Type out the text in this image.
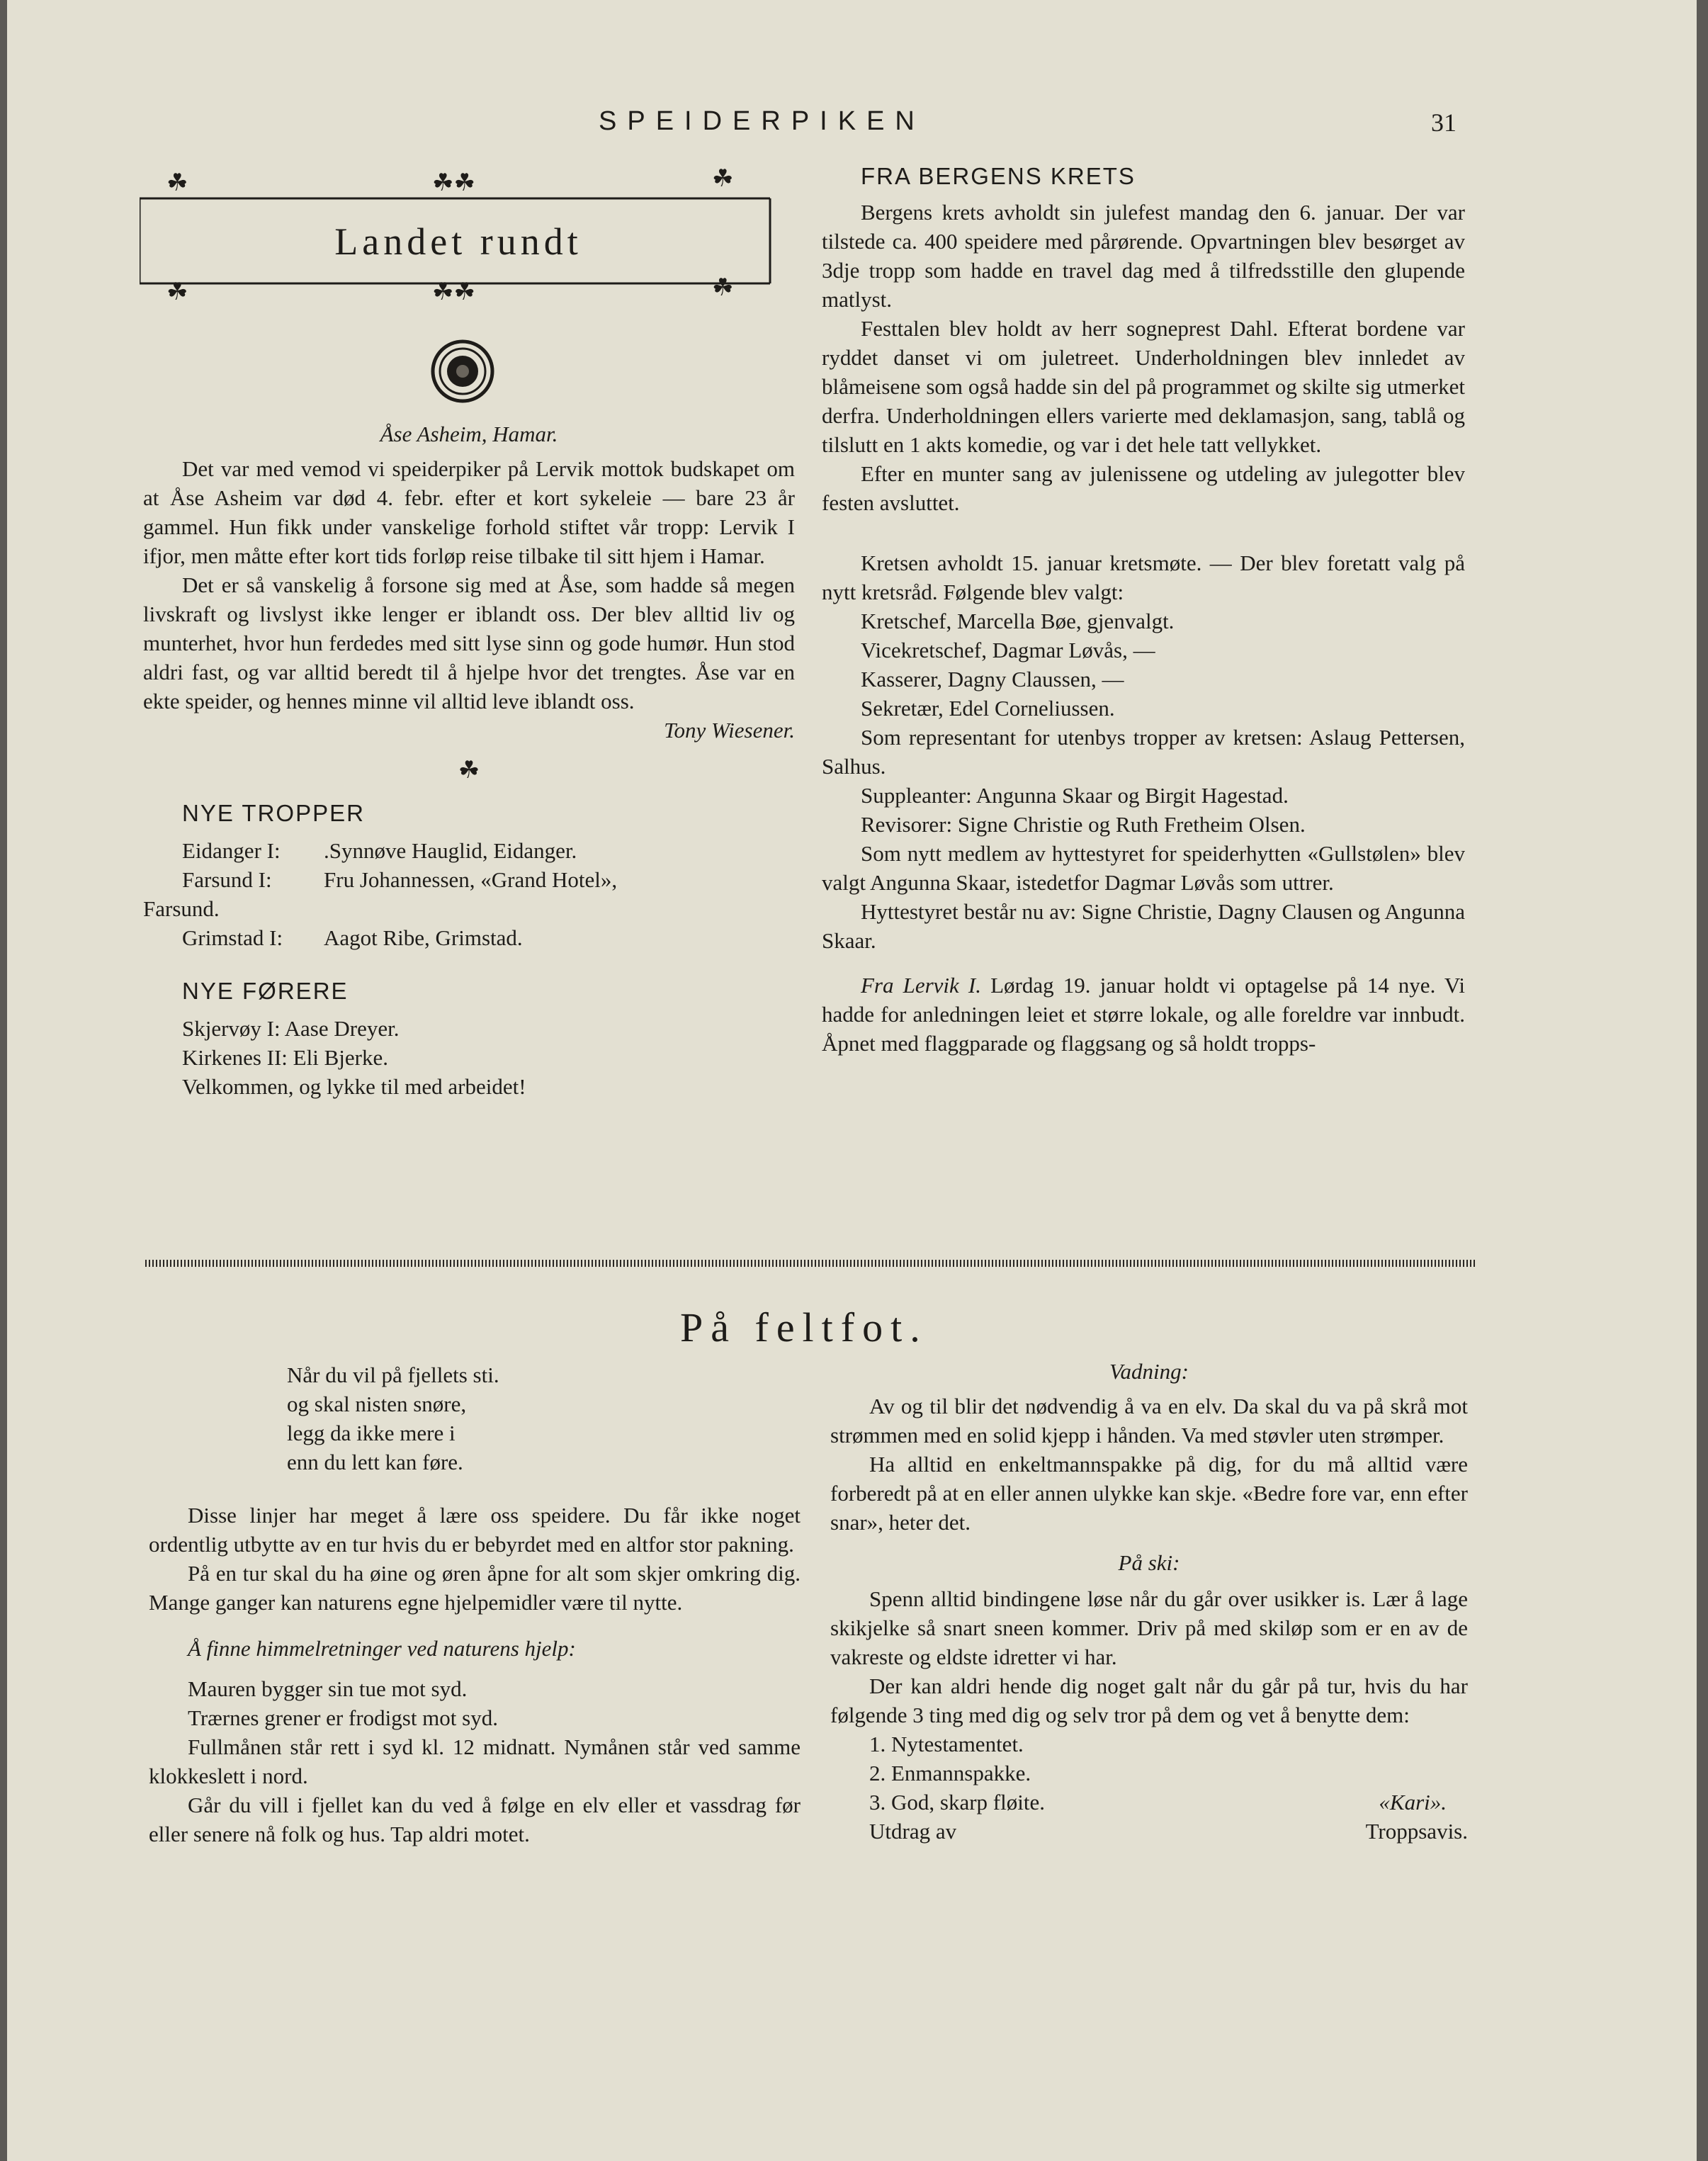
SPEIDERPIKEN	31
☘	☘☘	☘
☘	☘☘	☘
Landet rundt

Åse Asheim, Hamar.

Det var med vemod vi speiderpiker på Lervik mottok budskapet om at Åse Asheim var død 4. febr. efter et kort sykeleie — bare 23 år gammel. Hun fikk under vanskelige forhold stiftet vår tropp: Lervik I ifjor, men måtte efter kort tids forløp reise tilbake til sitt hjem i Hamar.

Det er så vanskelig å forsone sig med at Åse, som hadde så megen livskraft og livslyst ikke lenger er iblandt oss. Der blev alltid liv og munterhet, hvor hun ferdedes med sitt lyse sinn og gode humør. Hun stod aldri fast, og var alltid beredt til å hjelpe hvor det trengtes. Åse var en ekte speider, og hennes minne vil alltid leve iblandt oss.

Tony Wiesener.

☘

NYE TROPPER

Eidanger I:	.Synnøve Hauglid, Eidanger.
Farsund I:	Fru Johannessen, «Grand Hotel»,

Farsund.

Grimstad I:	Aagot Ribe, Grimstad.

NYE FØRERE

Skjervøy I: Aase Dreyer.

Kirkenes II: Eli Bjerke.

Velkommen, og lykke til med arbeidet!

FRA BERGENS KRETS

Bergens krets avholdt sin julefest mandag den 6. januar. Der var tilstede ca. 400 speidere med pårørende. Opvartningen blev besørget av 3dje tropp som hadde en travel dag med å tilfredsstille den glupende matlyst.

Festtalen blev holdt av herr sogneprest Dahl. Efterat bordene var ryddet danset vi om juletreet. Underholdningen blev innledet av blåmeisene som også hadde sin del på programmet og skilte sig utmerket derfra. Underholdningen ellers varierte med deklamasjon, sang, tablå og tilslutt en 1 akts komedie, og var i det hele tatt vellykket.

Efter en munter sang av julenissene og utdeling av julegotter blev festen avsluttet.

Kretsen avholdt 15. januar kretsmøte. — Der blev foretatt valg på nytt kretsråd. Følgende blev valgt:

Kretschef, Marcella Bøe, gjenvalgt.

Vicekretschef, Dagmar Løvås, —

Kasserer, Dagny Claussen, —

Sekretær, Edel Corneliussen.

Som representant for utenbys tropper av kretsen: Aslaug Pettersen, Salhus.

Suppleanter: Angunna Skaar og Birgit Hagestad.

Revisorer: Signe Christie og Ruth Fretheim Olsen.

Som nytt medlem av hyttestyret for speiderhytten «Gullstølen» blev valgt Angunna Skaar, istedetfor Dagmar Løvås som uttrer.

Hyttestyret består nu av: Signe Christie, Dagny Clausen og Angunna Skaar.

Fra Lervik I. Lørdag 19. januar holdt vi optagelse på 14 nye. Vi hadde for anledningen leiet et større lokale, og alle foreldre var innbudt. Åpnet med flaggparade og flaggsang og så holdt tropps-

På feltfot.

Når du vil på fjellets sti.

og skal nisten snøre,

legg da ikke mere i

enn du lett kan føre.

Disse linjer har meget å lære oss speidere. Du får ikke noget ordentlig utbytte av en tur hvis du er bebyrdet med en altfor stor pakning.

På en tur skal du ha øine og øren åpne for alt som skjer omkring dig. Mange ganger kan naturens egne hjelpemidler være til nytte.

Å finne himmelretninger ved naturens hjelp:

Mauren bygger sin tue mot syd.

Trærnes grener er frodigst mot syd.

Fullmånen står rett i syd kl. 12 midnatt. Nymånen står ved samme klokkeslett i nord.

Går du vill i fjellet kan du ved å følge en elv eller et vassdrag før eller senere nå folk og hus. Tap aldri motet.

Vadning:

Av og til blir det nødvendig å va en elv. Da skal du va på skrå mot strømmen med en solid kjepp i hånden. Va med støvler uten strømper.

Ha alltid en enkeltmannspakke på dig, for du må alltid være forberedt på at en eller annen ulykke kan skje. «Bedre fore var, enn efter snar», heter det.

På ski:

Spenn alltid bindingene løse når du går over usikker is. Lær å lage skikjelke så snart sneen kommer. Driv på med skiløp som er en av de vakreste og eldste idretter vi har.

Der kan aldri hende dig noget galt når du går på tur, hvis du har følgende 3 ting med dig og selv tror på dem og vet å benytte dem:

1. Nytestamentet.

2. Enmannspakke.

3. God, skarp fløite.	«Kari».
Utdrag av	Troppsavis.
